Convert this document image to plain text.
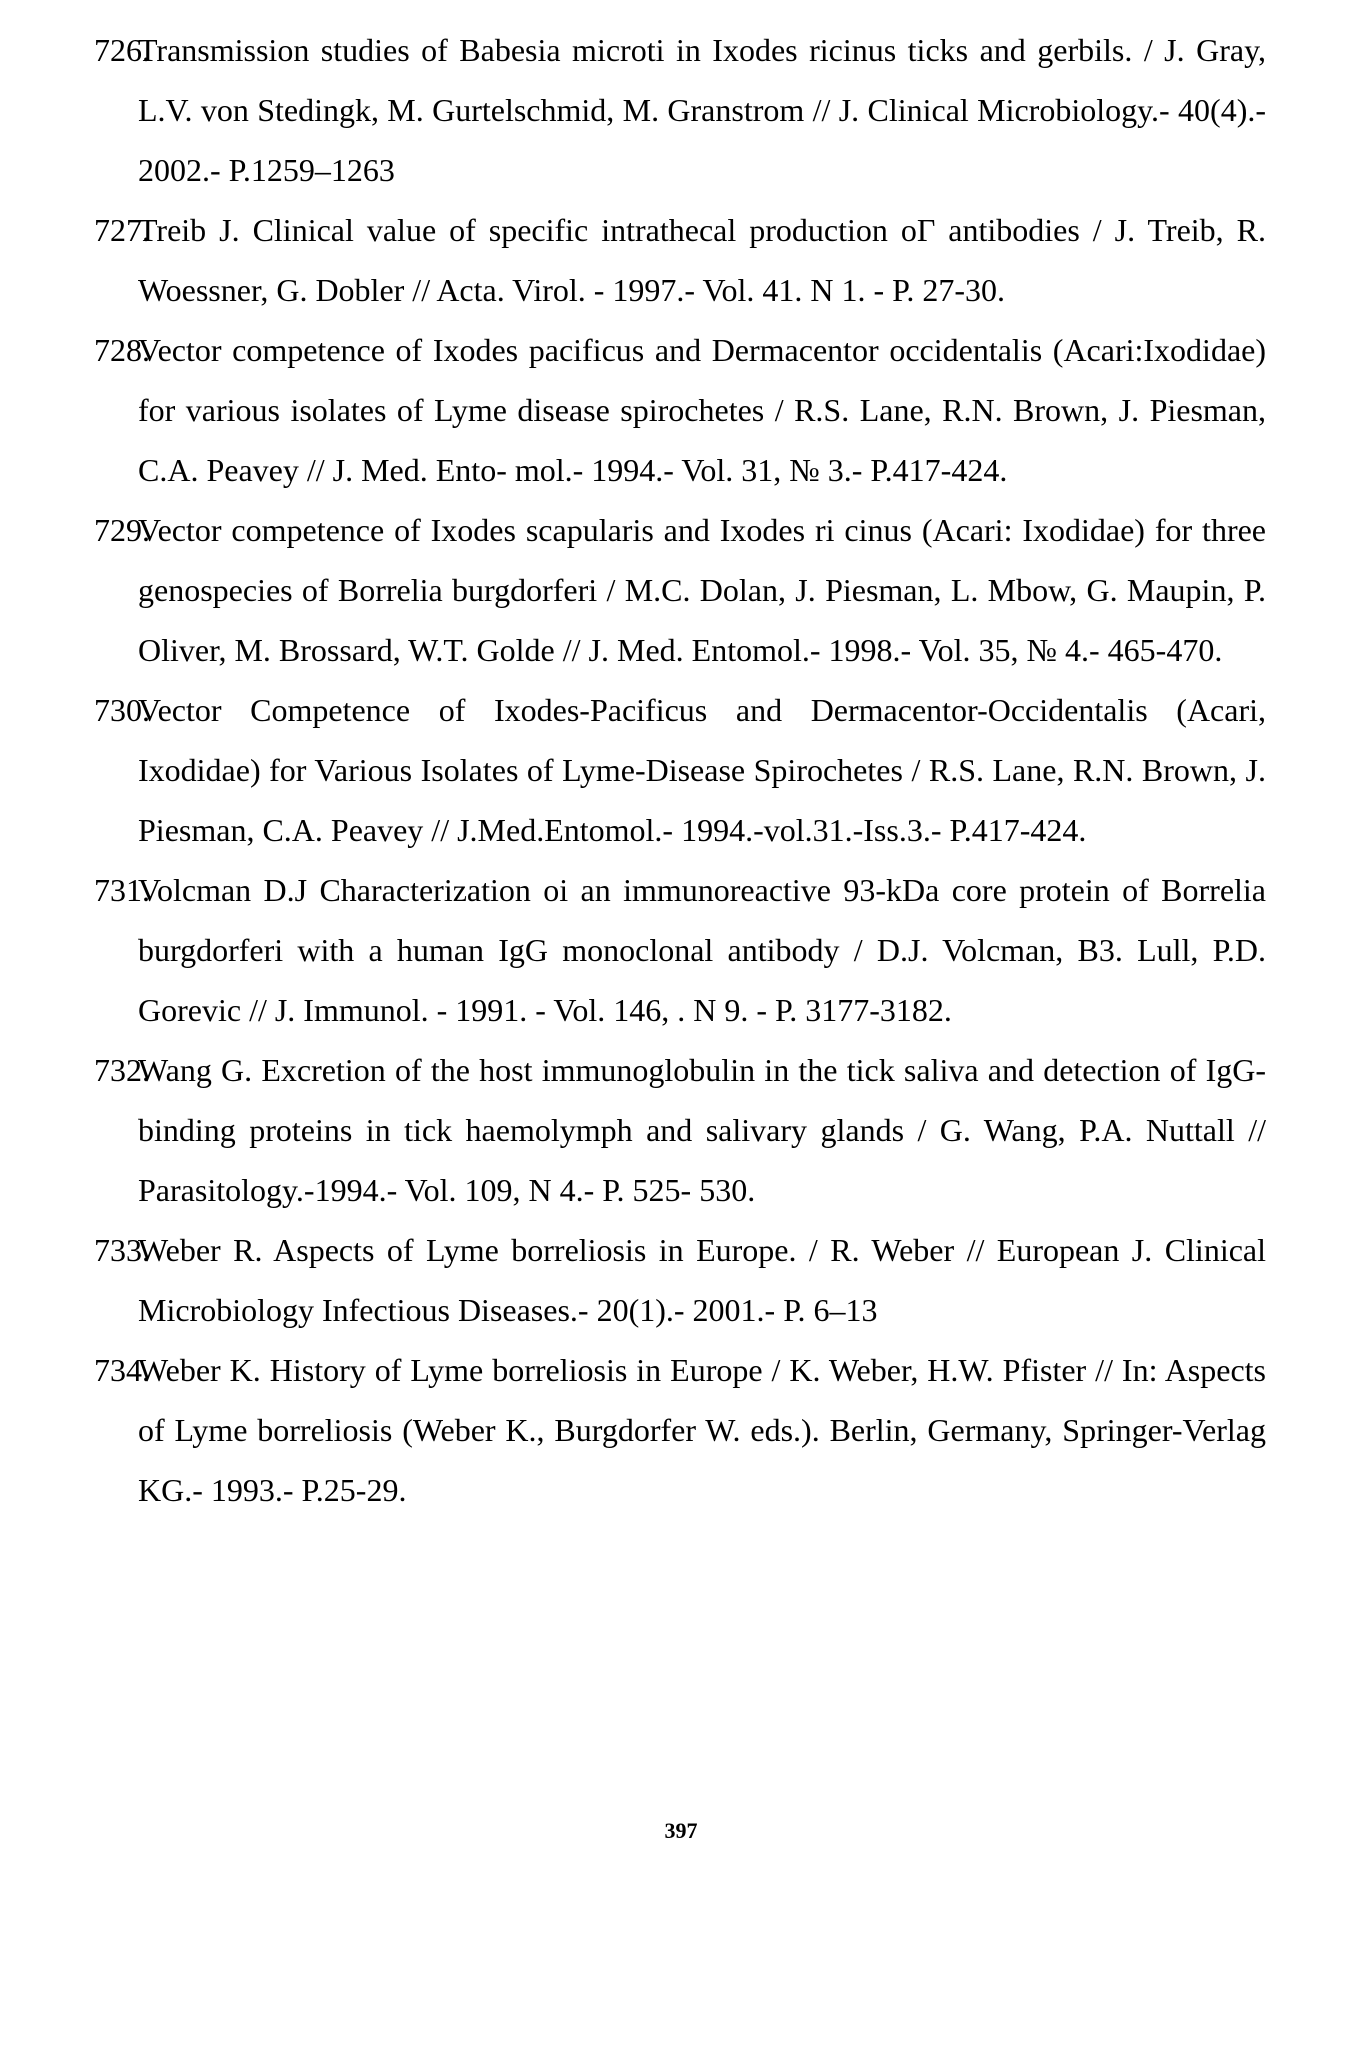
726.
Transmission studies of Babesia microti in Ixodes ricinus ticks and gerbils. / J. Gray, L.V. von Stedingk, M. Gurtelschmid, M. Granstrom // J. Clinical Microbiology.- 40(4).- 2002.- P.1259–1263
727.
Treib J. Clinical value of specific intrathecal production oГ antibodies / J. Treib, R. Woessner, G. Dobler // Acta. Virol. - 1997.- Vol. 41. N 1. - P. 27-30.
728.
Vector competence of Ixodes pacificus and Dermacentor occidentalis (Acari:Ixodidae) for various isolates of Lyme disease spirochetes / R.S. Lane, R.N. Brown, J. Piesman, C.A. Peavey // J. Med. Ento- mol.- 1994.- Vol. 31, № 3.- P.417-424.
729.
Vector competence of Ixodes scapularis and Ixodes ri cinus (Acari: Ixodidae) for three genospecies of Borrelia burgdorferi / M.C. Dolan, J. Piesman, L. Mbow, G. Maupin, P. Oliver, M. Brossard, W.T. Golde // J. Med. Entomol.- 1998.- Vol. 35, № 4.- 465-470.
730.
Vector Competence of Ixodes-Pacificus and Dermacentor-Occidentalis (Acari, Ixodidae) for Various Isolates of Lyme-Disease Spirochetes / R.S. Lane, R.N. Brown, J. Piesman, C.A. Peavey // J.Med.Entomol.- 1994.-vol.31.-Iss.3.- P.417-424.
731.
Volcman D.J Characterization oi an immunoreactive 93-kDa core protein of Borrelia burgdorferi with a human IgG monoclonal antibody / D.J. Volcman, B3. Lull, P.D. Gorevic // J. Immunol. - 1991. - Vol. 146, . N 9. - P. 3177-3182.
732.
Wang G. Excretion of the host immunoglobulin in the tick saliva and detection of IgG-binding proteins in tick haemolymph and salivary glands / G. Wang, P.A. Nuttall // Parasitology.-1994.- Vol. 109, N 4.- P. 525- 530.
733.
Weber R. Aspects of Lyme borreliosis in Europe. / R. Weber // European J. Clinical Microbiology Infectious Diseases.- 20(1).- 2001.- P. 6–13
734.
Weber K. History of Lyme borreliosis in Europe / K. Weber, H.W. Pfister // In: Aspects of Lyme borreliosis (Weber K., Burgdorfer W. eds.). Berlin, Germany, Springer-Verlag KG.- 1993.- P.25-29.
397
